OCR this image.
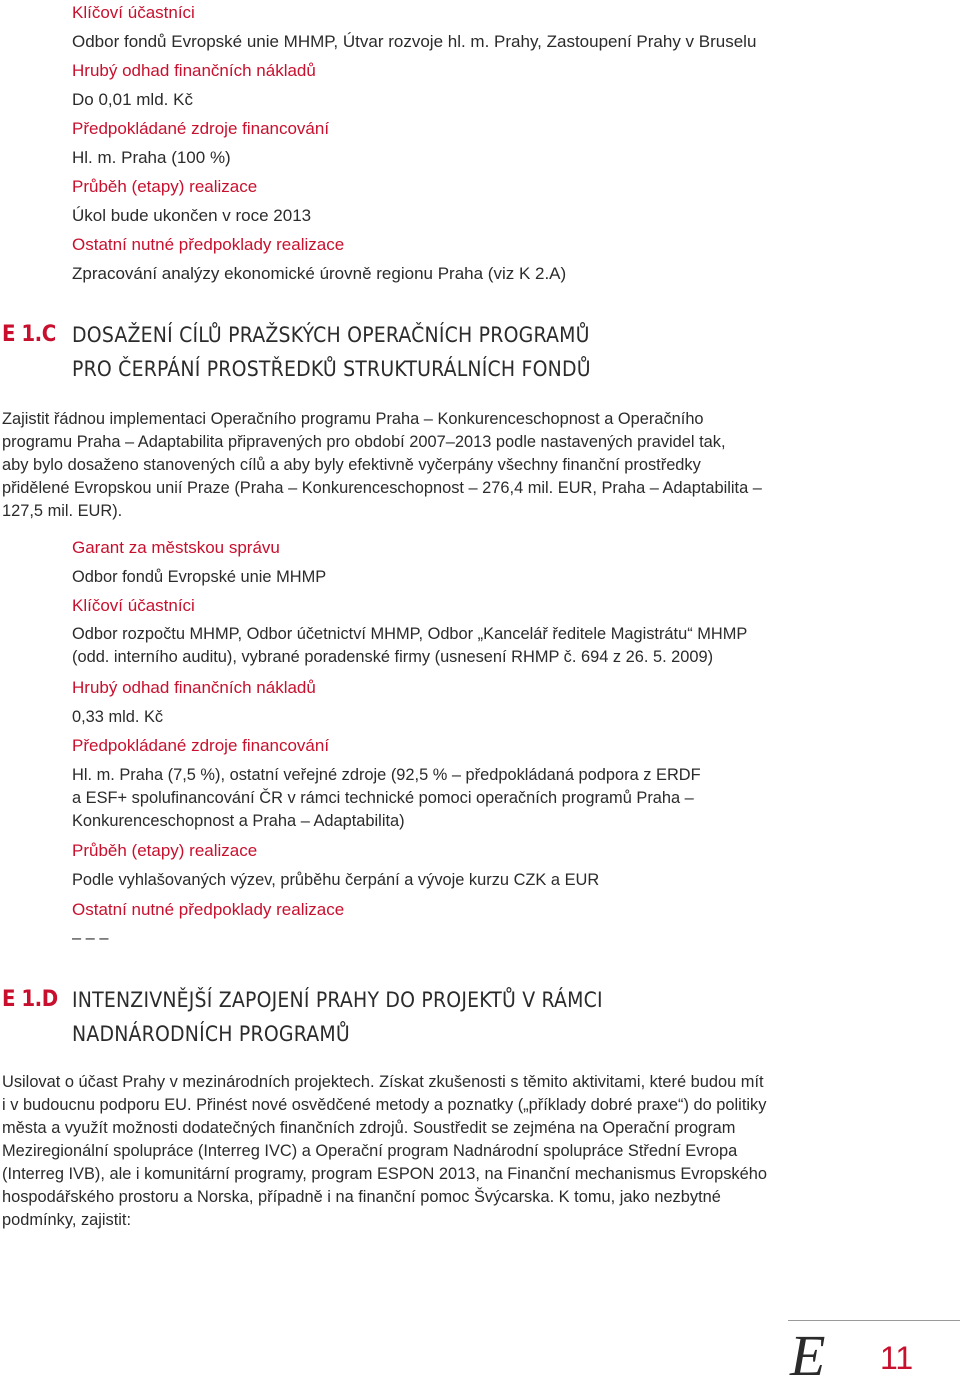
Klíčoví účastníci
Odbor fondů Evropské unie MHMP, Útvar rozvoje hl. m. Prahy, Zastoupení Prahy v Bruselu
Hrubý odhad finančních nákladů
Do 0,01 mld. Kč
Předpokládané zdroje financování
Hl. m. Praha (100 %)
Průběh (etapy) realizace
Úkol bude ukončen v roce 2013
Ostatní nutné předpoklady realizace
Zpracování analýzy ekonomické úrovně regionu Praha (viz K 2.A)
E 1.C DOSAŽENÍ CÍLŮ PRAŽSKÝCH OPERAČNÍCH PROGRAMŮ
PRO ČERPÁNÍ PROSTŘEDKŮ STRUKTURÁLNÍCH FONDŮ
Zajistit řádnou implementaci Operačního programu Praha – Konkurenceschopnost a Operačního
programu Praha – Adaptabilita připravených pro období 2007–2013 podle nastavených pravidel tak,
aby bylo dosaženo stanovených cílů a aby byly efektivně vyčerpány všechny finanční prostředky
přidělené Evropskou unií Praze (Praha – Konkurenceschopnost – 276,4 mil. EUR, Praha – Adaptabilita –
127,5 mil. EUR).
Garant za městskou správu
Odbor fondů Evropské unie MHMP
Klíčoví účastníci
Odbor rozpočtu MHMP, Odbor účetnictví MHMP, Odbor „Kancelář ředitele Magistrátu“ MHMP
(odd. interního auditu), vybrané poradenské firmy (usnesení RHMP č. 694 z 26. 5. 2009)
Hrubý odhad finančních nákladů
0,33 mld. Kč
Předpokládané zdroje financování
Hl. m. Praha (7,5 %), ostatní veřejné zdroje (92,5 % – předpokládaná podpora z ERDF
a ESF+ spolufinancování ČR v rámci technické pomoci operačních programů Praha –
Konkurenceschopnost a Praha – Adaptabilita)
Průběh (etapy) realizace
Podle vyhlašovaných výzev, průběhu čerpání a vývoje kurzu CZK a EUR
Ostatní nutné předpoklady realizace
– – –
E 1.D INTENZIVNĚJŠÍ ZAPOJENÍ PRAHY DO PROJEKTŮ V RÁMCI
NADNÁRODNÍCH PROGRAMŮ
Usilovat o účast Prahy v mezinárodních projektech. Získat zkušenosti s těmito aktivitami, které budou mít
i v budoucnu podporu EU. Přinést nové osvědčené metody a poznatky („příklady dobré praxe“) do politiky
města a využít možnosti dodatečných finančních zdrojů. Soustředit se zejména na Operační program
Meziregionální spolupráce (Interreg IVC) a Operační program Nadnárodní spolupráce Střední Evropa
(Interreg IVB), ale i komunitární programy, program ESPON 2013, na Finanční mechanismus Evropského
hospodářského prostoru a Norska, případně i na finanční pomoc Švýcarska. K tomu, jako nezbytné
podmínky, zajistit:
E 11
